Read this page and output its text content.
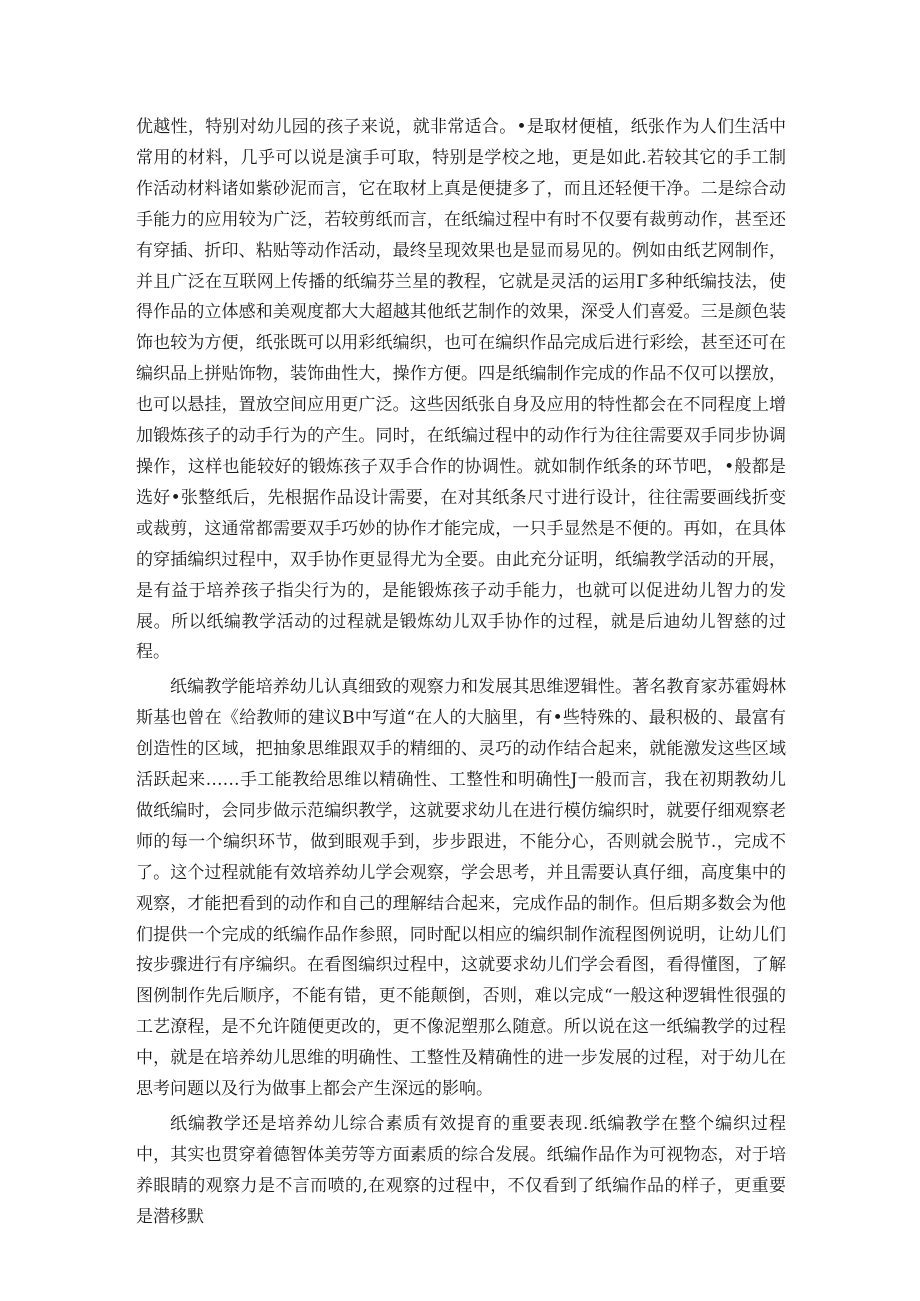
优越性，特别对幼儿园的孩子来说，就非常适合。•是取材便植，纸张作为人们生活中常用的材料，几乎可以说是演手可取，特别是学校之地，更是如此.若较其它的手工制作活动材料诸如紫砂泥而言，它在取材上真是便捷多了，而且还轻便干净。二是综合动手能力的应用较为广泛，若较剪纸而言，在纸编过程中有时不仅要有裁剪动作，甚至还有穿插、折印、粘贴等动作活动，最终呈现效果也是显而易见的。例如由纸艺网制作，并且广泛在互联网上传播的纸编芬兰星的教程，它就是灵活的运用Γ多种纸编技法，使得作品的立体感和美观度都大大超越其他纸艺制作的效果，深受人们喜爱。三是颜色装饰也较为方便，纸张既可以用彩纸编织，也可在编织作品完成后进行彩绘，甚至还可在编织品上拼贴饰物，装饰曲性大，操作方便。四是纸编制作完成的作品不仅可以摆放，也可以悬挂，置放空间应用更广泛。这些因纸张自身及应用的特性都会在不同程度上增加锻炼孩子的动手行为的产生。同时，在纸编过程中的动作行为往往需要双手同步协调操作，这样也能较好的锻炼孩子双手合作的协调性。就如制作纸条的环节吧，•般都是选好•张整纸后，先根据作品设计需要，在对其纸条尺寸进行设计，往往需要画线折变或裁剪，这通常都需要双手巧妙的协作才能完成，一只手显然是不便的。再如，在具体的穿插编织过程中，双手协作更显得尤为全要。由此充分证明，纸编教学活动的开展，是有益于培养孩子指尖行为的，是能锻炼孩子动手能力，也就可以促进幼儿智力的发展。所以纸编教学活动的过程就是锻炼幼儿双手协作的过程，就是后迪幼儿智慈的过程。

纸编教学能培养幼儿认真细致的观察力和发展其思维逻辑性。著名教育家苏霍姆林斯基也曾在《给教师的建议B中写道“在人的大脑里，有•些特殊的、最积极的、最富有创造性的区域，把抽象思维跟双手的精细的、灵巧的动作结合起来，就能激发这些区域活跃起来……手工能教给思维以精确性、工整性和明确性J一般而言，我在初期教幼儿做纸编时，会同步做示范编织教学，这就要求幼儿在进行模仿编织时，就要仔细观察老师的每一个编织环节，做到眼观手到，步步跟进，不能分心，否则就会脱节.，完成不了。这个过程就能有效培养幼儿学会观察，学会思考，并且需要认真仔细，高度集中的观察，才能把看到的动作和自己的理解结合起来，完成作品的制作。但后期多数会为他们提供一个完成的纸编作品作参照，同时配以相应的编织制作流程图例说明，让幼儿们按步骤进行有序编织。在看图编织过程中，这就要求幼儿们学会看图，看得懂图，了解图例制作先后顺序，不能有错，更不能颠倒，否则，难以完成“一般这种逻辑性很强的工艺潦程，是不允许随便更改的，更不像泥塑那么随意。所以说在这一纸编教学的过程中，就是在培养幼儿思维的明确性、工整性及精确性的进一步发展的过程，对于幼儿在思考问题以及行为做事上都会产生深远的影响。

纸编教学还是培养幼儿综合素质有效提育的重要表现.纸编教学在整个编织过程中，其实也贯穿着德智体美劳等方面素质的综合发展。纸编作品作为可视物态，对于培养眼睛的观察力是不言而喷的,在观察的过程中，不仅看到了纸编作品的样子，更重要是潜移默
